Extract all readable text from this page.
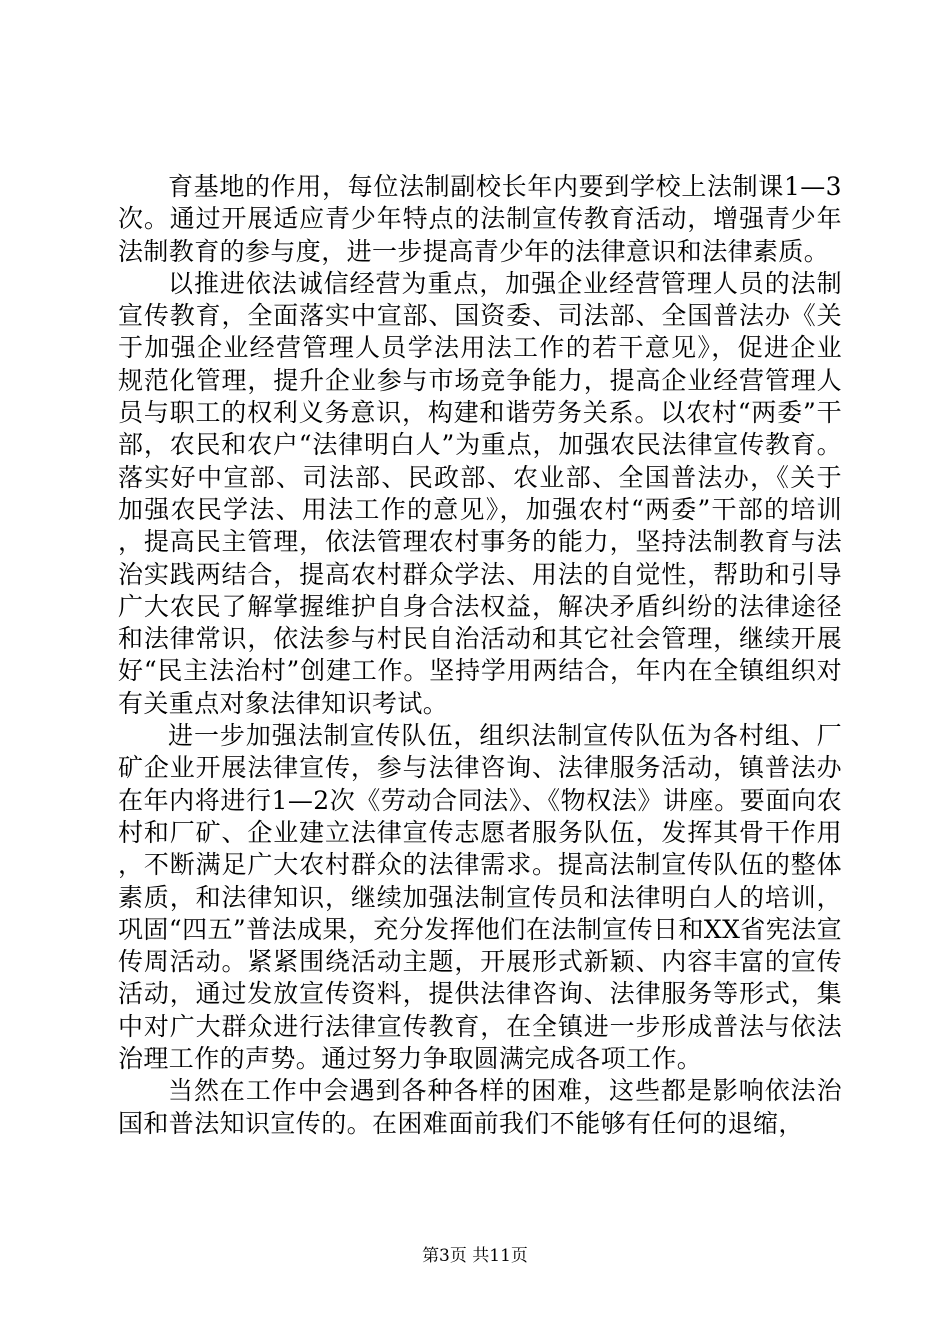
育基地的作用，每位法制副校长年内要到学校上法制课1—3次。通过开展适应青少年特点的法制宣传教育活动，增强青少年法制教育的参与度，进一步提高青少年的法律意识和法律素质。

以推进依法诚信经营为重点，加强企业经营管理人员的法制宣传教育，全面落实中宣部、国资委、司法部、全国普法办《关于加强企业经营管理人员学法用法工作的若干意见》，促进企业规范化管理，提升企业参与市场竞争能力，提高企业经营管理人员与职工的权利义务意识，构建和谐劳务关系。以农村“两委”干部，农民和农户“法律明白人”为重点，加强农民法律宣传教育。落实好中宣部、司法部、民政部、农业部、全国普法办，《关于加强农民学法、用法工作的意见》，加强农村“两委”干部的培训，提高民主管理，依法管理农村事务的能力，坚持法制教育与法治实践两结合，提高农村群众学法、用法的自觉性，帮助和引导广大农民了解掌握维护自身合法权益，解决矛盾纠纷的法律途径和法律常识，依法参与村民自治活动和其它社会管理，继续开展好“民主法治村”创建工作。坚持学用两结合，年内在全镇组织对有关重点对象法律知识考试。

进一步加强法制宣传队伍，组织法制宣传队伍为各村组、厂矿企业开展法律宣传，参与法律咨询、法律服务活动，镇普法办在年内将进行1—2次《劳动合同法》、《物权法》讲座。要面向农村和厂矿、企业建立法律宣传志愿者服务队伍，发挥其骨干作用，不断满足广大农村群众的法律需求。提高法制宣传队伍的整体素质，和法律知识，继续加强法制宣传员和法律明白人的培训，巩固“四五”普法成果，充分发挥他们在法制宣传日和XX省宪法宣传周活动。紧紧围绕活动主题，开展形式新颖、内容丰富的宣传活动，通过发放宣传资料，提供法律咨询、法律服务等形式，集中对广大群众进行法律宣传教育，在全镇进一步形成普法与依法治理工作的声势。通过努力争取圆满完成各项工作。

当然在工作中会遇到各种各样的困难，这些都是影响依法治国和普法知识宣传的。在困难面前我们不能够有任何的退缩，

第3页 共11页
